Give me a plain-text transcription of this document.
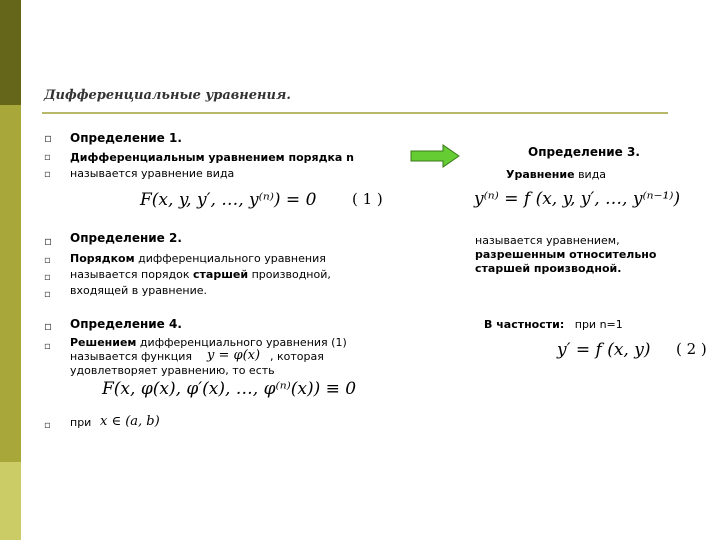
Дифференциальные уравнения.
▫ Определение 1.
▫ Дифференциальным уравнением порядка n
▫ называется уравнение вида
F(x, y, y′, …, y⁽ⁿ⁾) = 0 ( 1 )
▫ Определение 2.
▫ Порядком дифференциального уравнения
▫ называется порядок старшей производной,
▫ входящей в уравнение.
▫ Определение 4.
▫ Решением дифференциального уравнения (1)
называется функция y = φ(x) , которая
удовлетворяет уравнению, то есть
F(x, φ(x), φ′(x), …, φ⁽ⁿ⁾(x)) ≡ 0
▫ при x ∈ (a, b)
Определение 3.
Уравнение вида
y⁽ⁿ⁾ = f (x, y, y′, …, y⁽ⁿ⁻¹⁾)
называется уравнением,
разрешенным относительно
старшей производной.
В частности: при n=1
y′ = f (x, y) ( 2 )
